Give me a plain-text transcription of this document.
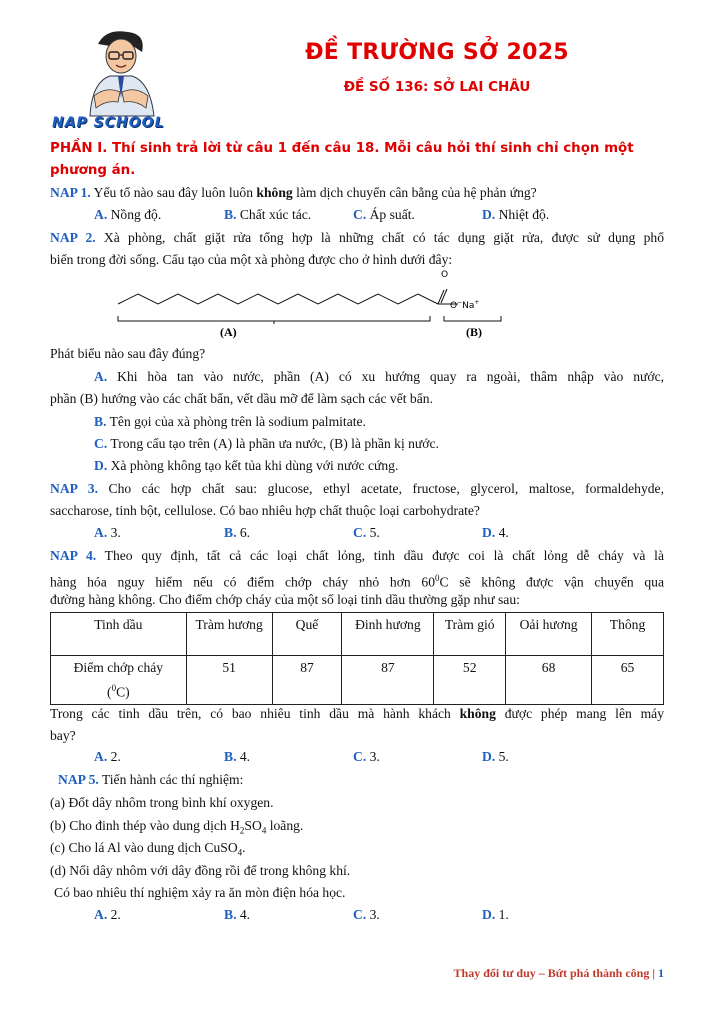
NAP SCHOOL
ĐỀ TRƯỜNG SỞ 2025
ĐỀ SỐ 136: SỞ LAI CHÂU
PHẦN I. Thí sinh trả lời từ câu 1 đến câu 18. Mỗi câu hỏi thí sinh chỉ chọn một phương án.
NAP 1. Yếu tố nào sau đây luôn luôn không làm dịch chuyển cân bằng của hệ phản ứng?
A. Nồng độ.	B. Chất xúc tác.	C. Áp suất.	D. Nhiệt độ.
NAP 2. Xà phòng, chất giặt rửa tổng hợp là những chất có tác dụng giặt rửa, được sử dụng phổ
biến trong đời sống. Cấu tạo của một xà phòng được cho ở hình dưới đây:
O
O−Na+
(A)	(B)
Phát biểu nào sau đây đúng?
A. Khi hòa tan vào nước, phần (A) có xu hướng quay ra ngoài, thâm nhập vào nước,
phần (B) hướng vào các chất bẩn, vết dầu mỡ để làm sạch các vết bẩn.
B. Tên gọi của xà phòng trên là sodium palmitate.
C. Trong cấu tạo trên (A) là phần ưa nước, (B) là phần kị nước.
D. Xà phòng không tạo kết tủa khi dùng với nước cứng.
NAP 3. Cho các hợp chất sau: glucose, ethyl acetate, fructose, glycerol, maltose, formaldehyde,
saccharose, tinh bột, cellulose. Có bao nhiêu hợp chất thuộc loại carbohydrate?
A. 3.	B. 6.	C. 5.	D. 4.
NAP 4. Theo quy định, tất cả các loại chất lỏng, tinh dầu được coi là chất lỏng dễ cháy và là
hàng hóa nguy hiểm nếu có điểm chớp cháy nhỏ hơn $60^0C$ sẽ không được vận chuyển qua
đường hàng không. Cho điểm chớp cháy của một số loại tinh dầu thường gặp như sau:
Tinh dầu	Tràm hương	Quế	Đinh hương	Tràm gió	Oải hương	Thông
Điểm chớp cháy
($^0$C)	51	87	87	52	68	65
Trong các tinh dầu trên, có bao nhiêu tinh dầu mà hành khách không được phép mang lên máy
bay?
A. 2.	B. 4.	C. 3.	D. 5.
NAP 5. Tiến hành các thí nghiệm:
(a) Đốt dây nhôm trong bình khí oxygen.
(b) Cho đinh thép vào dung dịch $H_2SO_4$ loãng.
(c) Cho lá Al vào dung dịch CuSO$_4$.
(d) Nối dây nhôm với dây đồng rồi để trong không khí.
Có bao nhiêu thí nghiệm xảy ra ăn mòn điện hóa học.
A. 2.	B. 4.	C. 3.	D. 1.
Thay đổi tư duy – Bứt phá thành công | 1
